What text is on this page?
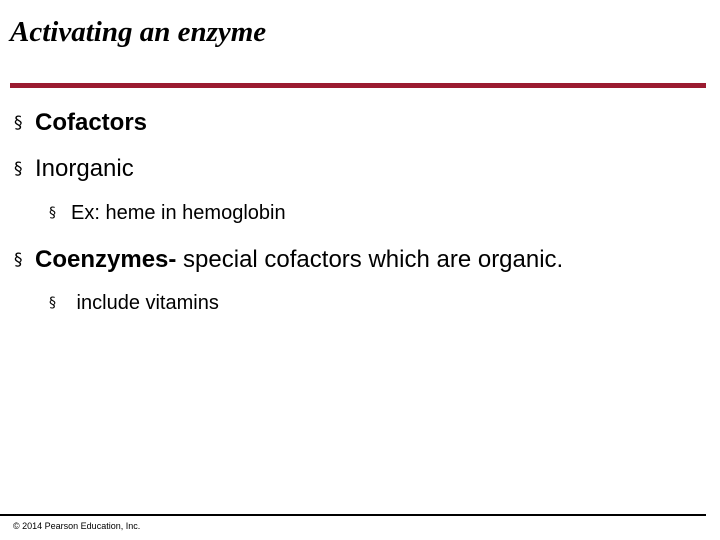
Activating an enzyme
§ Cofactors
§ Inorganic
§ Ex: heme in hemoglobin
§ Coenzymes- special cofactors which are organic.
§ include vitamins
© 2014 Pearson Education, Inc.
